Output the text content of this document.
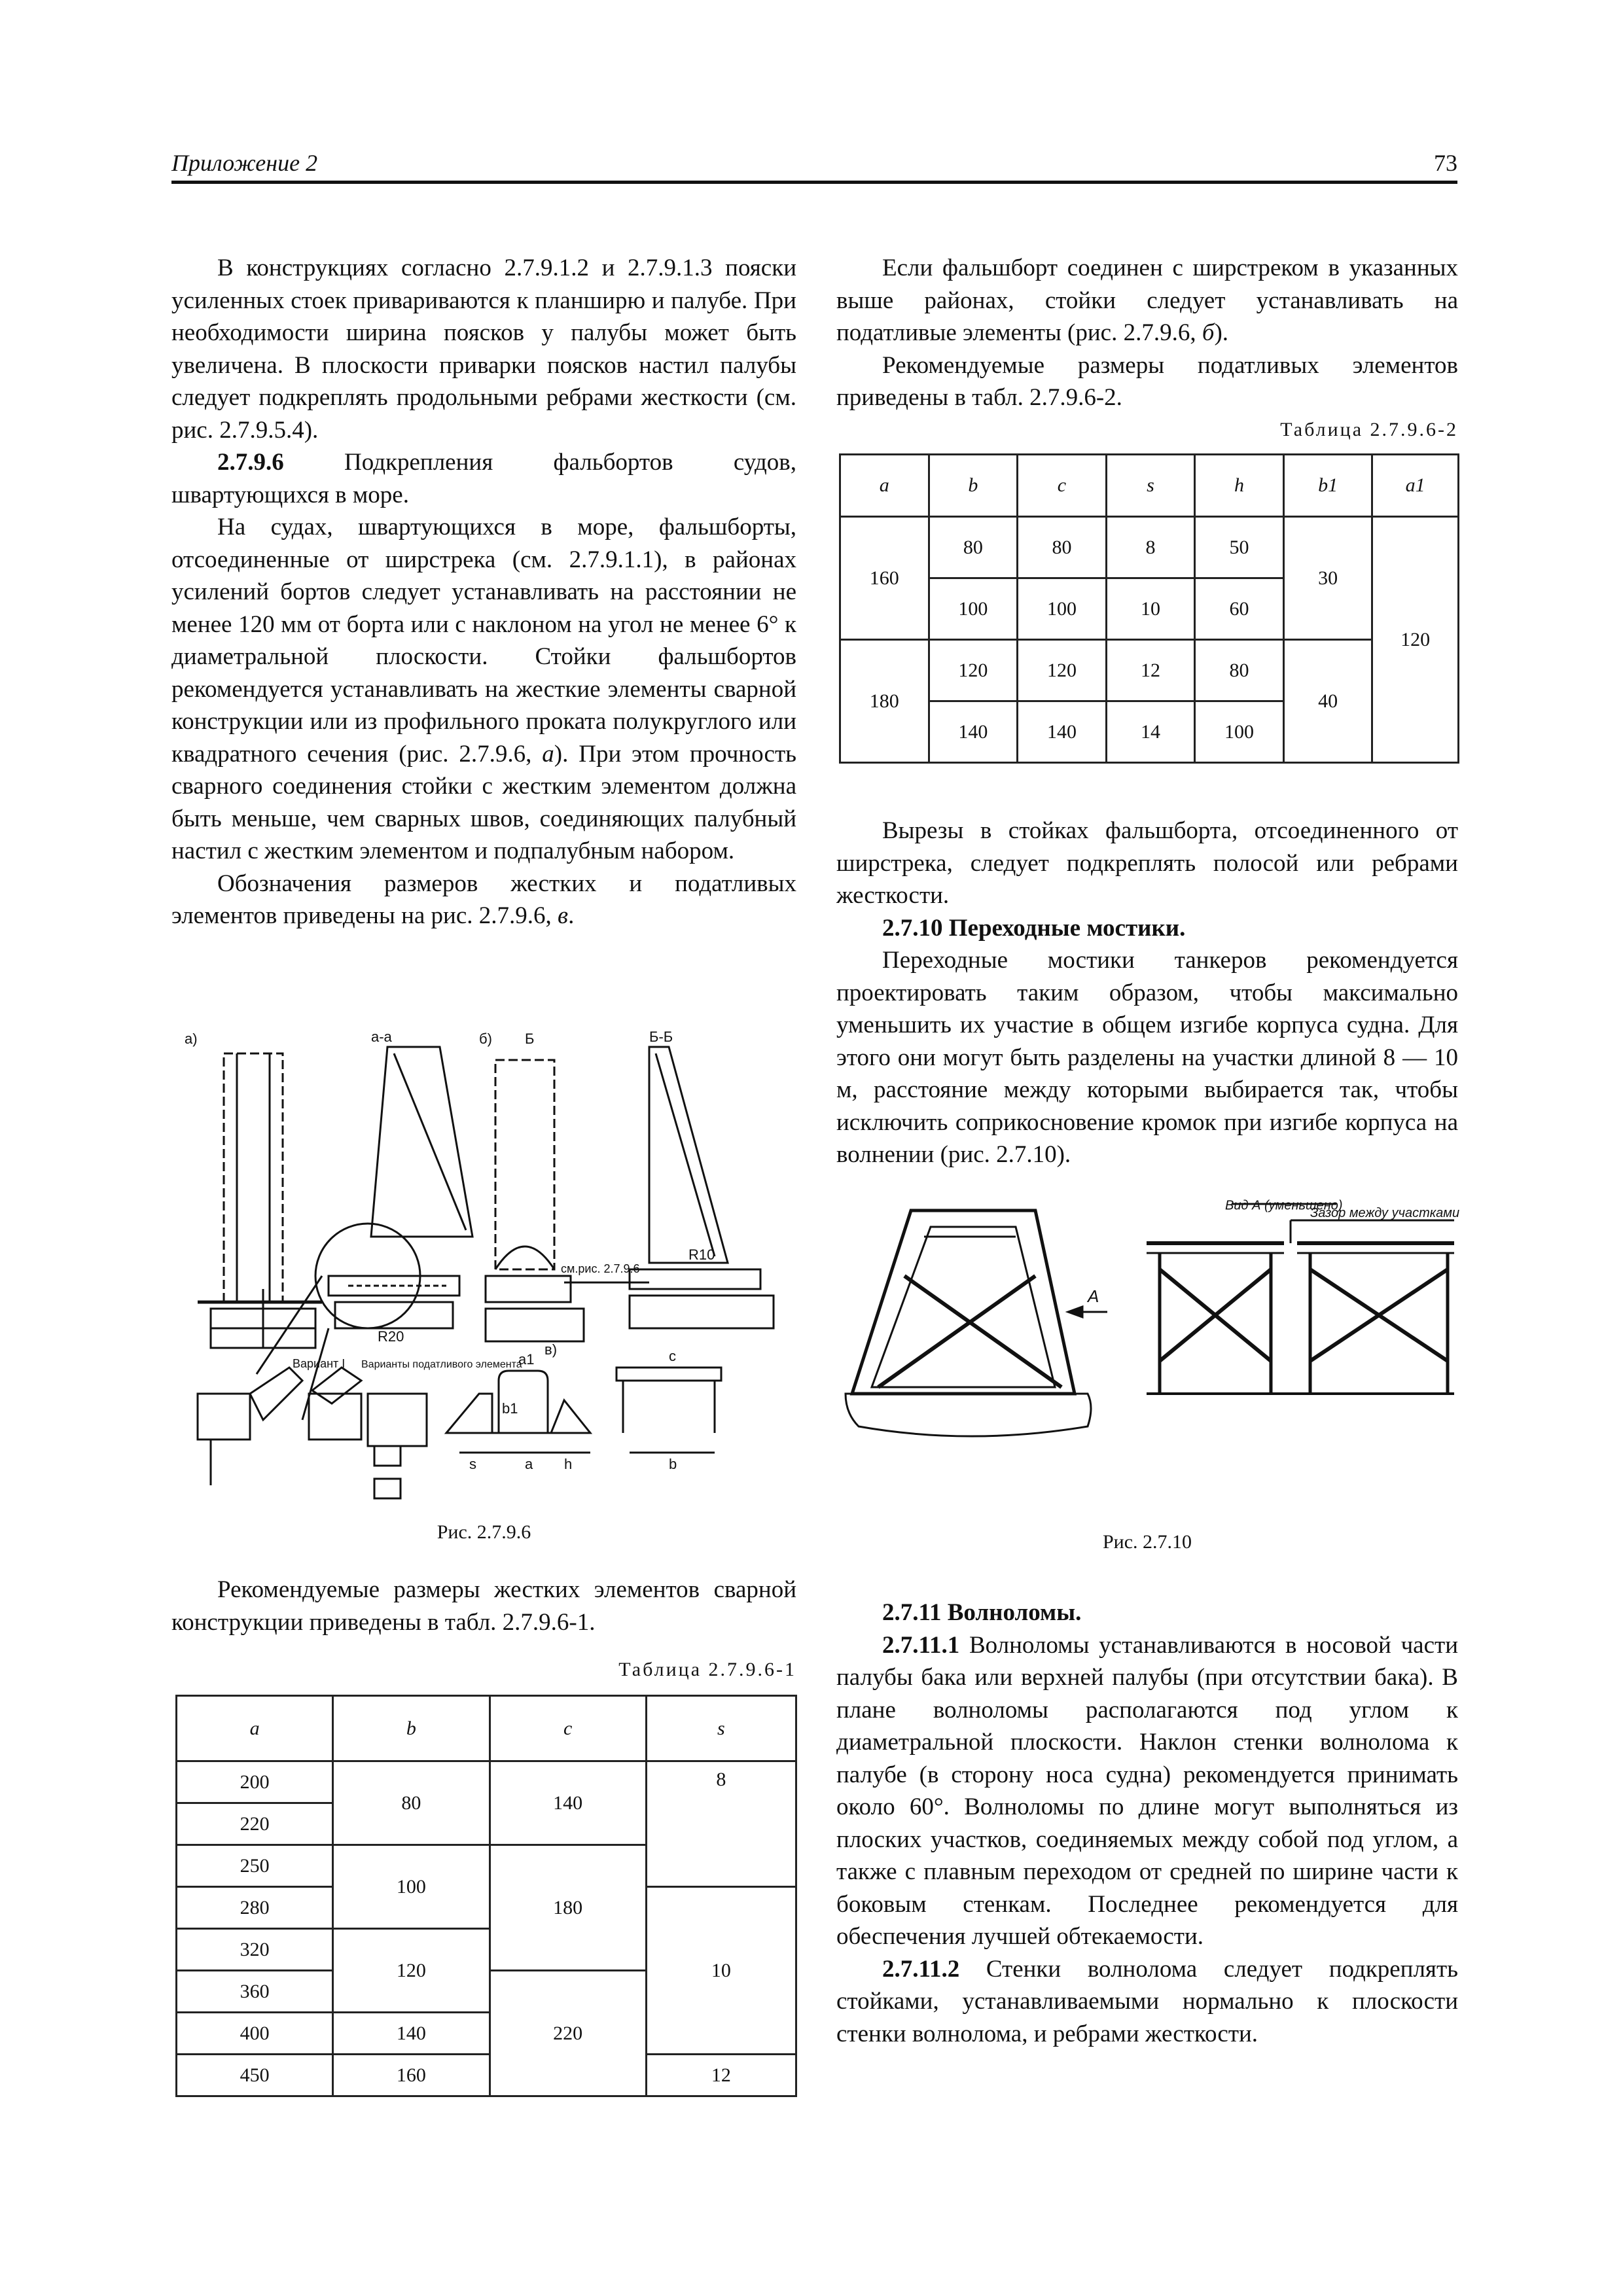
Приложение 2	73

В конструкциях согласно 2.7.9.1.2 и 2.7.9.1.3 пояски усиленных стоек привариваются к планширю и палубе. При необходимости ширина поясков у палубы может быть увеличена. В плоскости приварки поясков настил палубы следует подкреплять продольными ребрами жесткости (см. рис. 2.7.9.5.4).

2.7.9.6 Подкрепления фальбортов судов, швартующихся в море.

На судах, швартующихся в море, фальшборты, отсоединенные от ширстрека (см. 2.7.9.1.1), в районах усилений бортов следует устанавливать на расстоянии не менее 120 мм от борта или с наклоном на угол не менее 6° к диаметральной плоскости. Стойки фальшбортов рекомендуется устанавливать на жесткие элементы сварной конструкции или из профильного проката полукруглого или квадратного сечения (рис. 2.7.9.6, а). При этом прочность сварного соединения стойки с жестким элементом должна быть меньше, чем сварных швов, соединяющих палубный настил с жестким элементом и подпалубным набором.

Обозначения размеров жестких и податливых элементов приведены на рис. 2.7.9.6, в.

а)	а-а	б) Б	Б-Б
R20
R10
см.рис. 2.7.9.6
в)
Вариант I Варианты податливого элемента
a1
b1
a
s	h
c
b
Рис. 2.7.9.6

Рекомендуемые размеры жестких элементов сварной конструкции приведены в табл. 2.7.9.6-1.

Таблица 2.7.9.6-1
a	b	c	s
200	80	140	8
220			
250	100	180	
280			10
320	120		
360		220	
400	140		
450	160		12

Если фальшборт соединен с ширстреком в указанных выше районах, стойки следует устанавливать на податливые элементы (рис. 2.7.9.6, б).

Рекомендуемые размеры податливых элементов приведены в табл. 2.7.9.6-2.

Таблица 2.7.9.6-2
a	b	c	s	h	b1	a1
160	80	80	8	50	30	120
	100	100	10	60		
180	120	120	12	80	40	
	140	140	14	100		

Вырезы в стойках фальшборта, отсоединенного от ширстрека, следует подкреплять полосой или ребрами жесткости.

2.7.10 Переходные мостики.

Переходные мостики танкеров рекомендуется проектировать таким образом, чтобы максимально уменьшить их участие в общем изгибе корпуса судна. Для этого они могут быть разделены на участки длиной 8 — 10 м, расстояние между которыми выбирается так, чтобы исключить соприкосновение кромок при изгибе корпуса на волнении (рис. 2.7.10).

А
Вид А (уменьшено)
Зазор между участками
Рис. 2.7.10

2.7.11 Волноломы.

2.7.11.1 Волноломы устанавливаются в носовой части палубы бака или верхней палубы (при отсутствии бака). В плане волноломы располагаются под углом к диаметральной плоскости. Наклон стенки волнолома к палубе (в сторону носа судна) рекомендуется принимать около 60°. Волноломы по длине могут выполняться из плоских участков, соединяемых между собой под углом, а также с плавным переходом от средней по ширине части к боковым стенкам. Последнее рекомендуется для обеспечения лучшей обтекаемости.

2.7.11.2 Стенки волнолома следует подкреплять стойками, устанавливаемыми нормально к плоскости стенки волнолома, и ребрами жесткости.
